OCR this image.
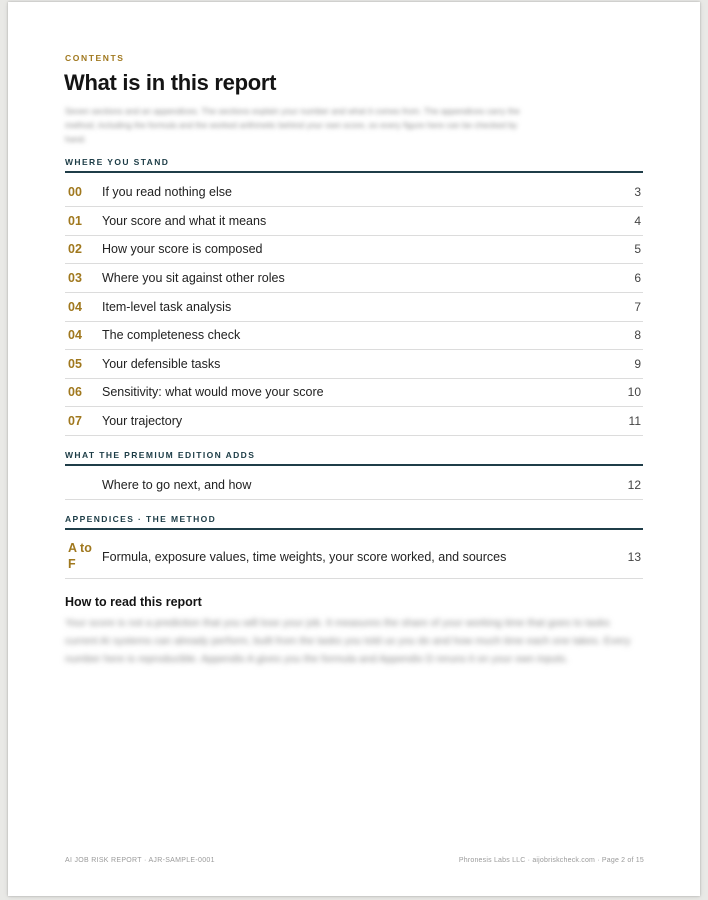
CONTENTS
What is in this report
Seven sections and an appendices. The sections explain your number and what it comes from. The appendices carry the method, including the formula and the worked arithmetic behind your own score, so every figure here can be checked by hand.
WHERE YOU STAND
00 If you read nothing else	3
01 Your score and what it means	4
02 How your score is composed	5
03 Where you sit against other roles	6
04 Item-level task analysis	7
04 The completeness check	8
05 Your defensible tasks	9
06 Sensitivity: what would move your score	10
07 Your trajectory	11
WHAT THE PREMIUM EDITION ADDS
Where to go next, and how	12
APPENDICES · THE METHOD
A to F	Formula, exposure values, time weights, your score worked, and sources	13
How to read this report
Your score is not a prediction that you will lose your job. It measures the share of your working time that goes to tasks current AI systems can already perform, built from the tasks you told us you do and how much time each one takes. Every number here is reproducible. Appendix A gives you the formula and Appendix D reruns it on your own inputs.
AI JOB RISK REPORT · AJR-SAMPLE-0001	Phronesis Labs LLC · aijobriskcheck.com · Page 2 of 15
